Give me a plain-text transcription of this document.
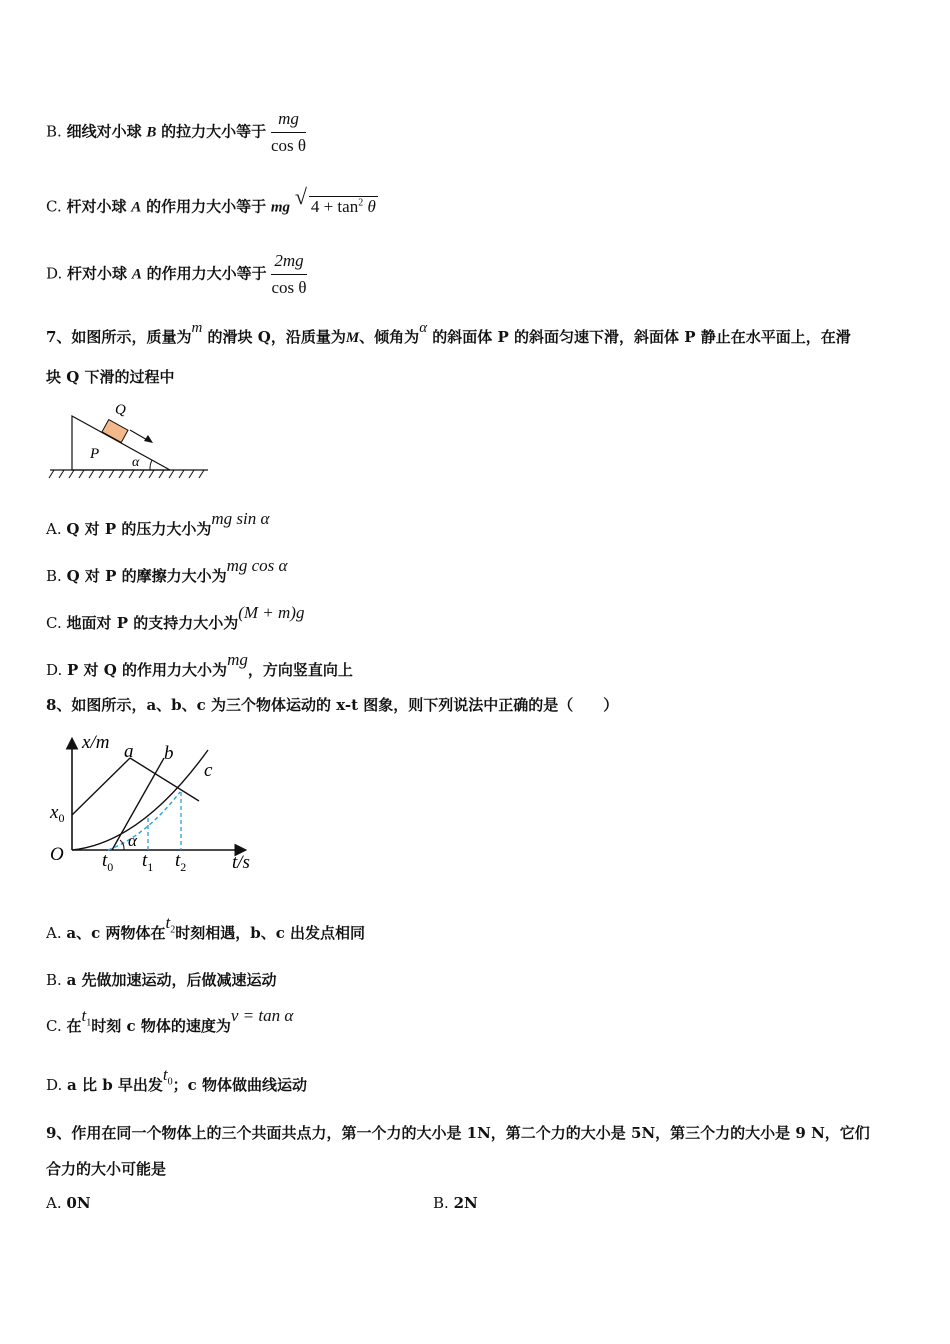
B. 细线对小球 B 的拉力大小等于 $\frac{mg}{\text{cos θ}}$
C. 杆对小球 A 的作用力大小等于 mg √ $4 + \tan^2 \theta$
D. 杆对小球 A 的作用力大小等于 $\frac{2mg}{\text{cos θ}}$
7、如图所示，质量为m 的滑块 Q，沿质量为M、倾角为α 的斜面体 P 的斜面匀速下滑，斜面体 P 静止在水平面上，在滑
块 Q 下滑的过程中
Q
P
α
A. Q 对 P 的压力大小为mg sin α
B. Q 对 P 的摩擦力大小为mg cos α
C. 地面对 P 的支持力大小为(M + m)g
D. P 对 Q 的作用力大小为mg，方向竖直向上
8、如图所示，a、b、c 为三个物体运动的 x-t 图象，则下列说法中正确的是（　　）
x/m
t/s
O
$x_0$
a b
c
α
$t_0$ $t_1$ $t_2$
A. a、c 两物体在$t_2$时刻相遇，b、c 出发点相同
B. a 先做加速运动，后做减速运动
C. 在$t_1$时刻 c 物体的速度为v = tan α
D. a 比 b 早出发$t_0$；c 物体做曲线运动
9、作用在同一个物体上的三个共面共点力，第一个力的大小是 1N，第二个力的大小是 5N，第三个力的大小是 9 N，它们
合力的大小可能是
A. 0N	B. 2N
